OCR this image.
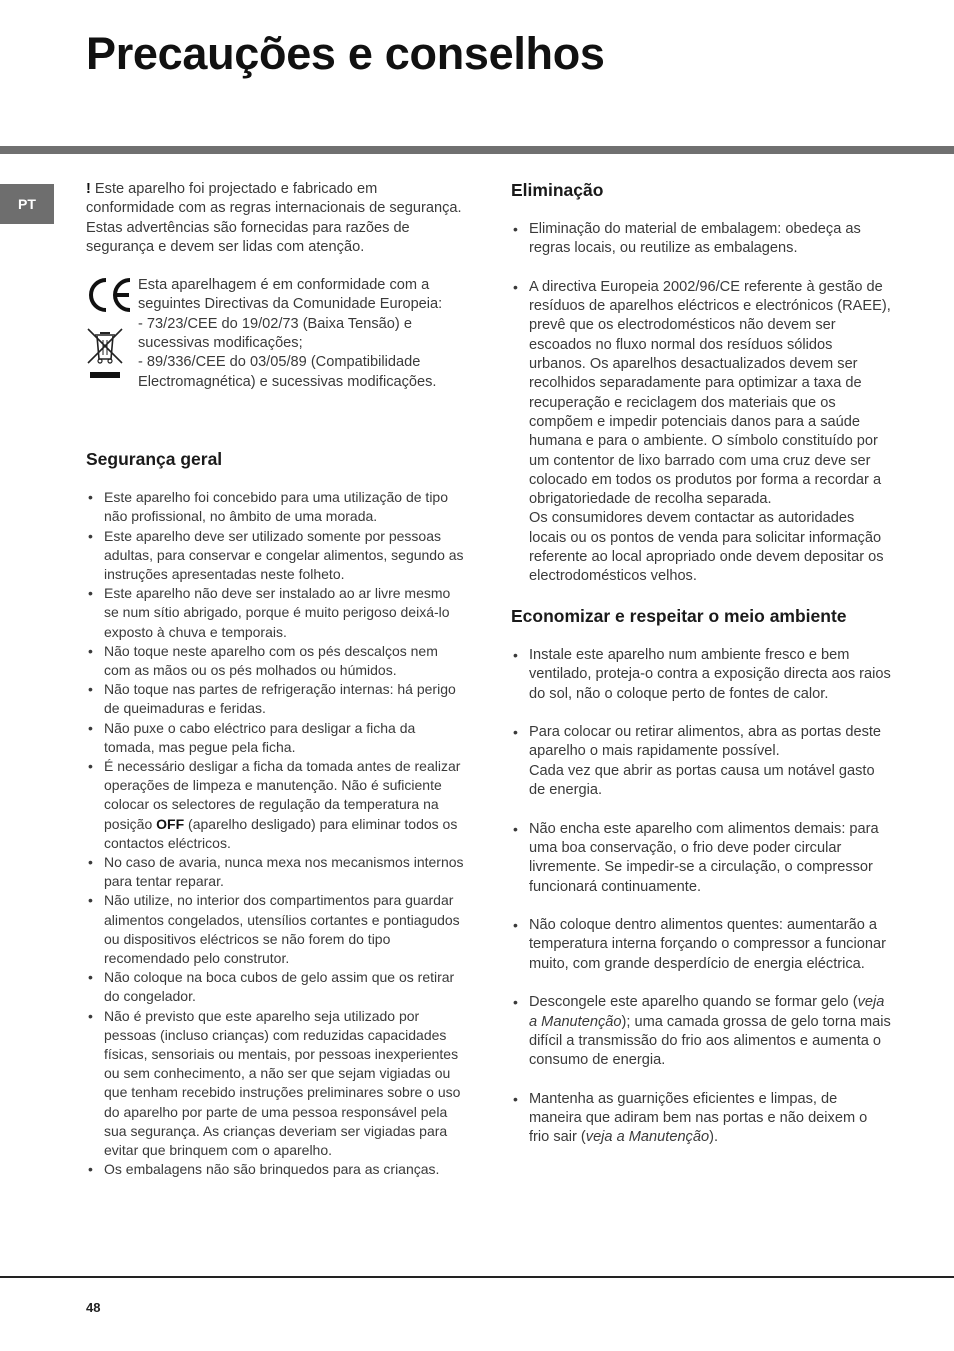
Precauções e conselhos
PT

! Este aparelho foi projectado e fabricado em conformidade com as regras internacionais de segurança. Estas advertências são fornecidas para razões de segurança e devem ser lidas com atenção.

Esta aparelhagem é em conformidade com a seguintes Directivas da Comunidade Europeia:

- 73/23/CEE do 19/02/73 (Baixa Tensão) e sucessivas modificações;

- 89/336/CEE do 03/05/89 (Compatibilidade Electromagnética) e sucessivas modificações.

Segurança geral
• Este aparelho foi concebido para uma utilização de tipo não profissional, no âmbito de uma morada.
• Este aparelho deve ser utilizado somente por pessoas adultas, para conservar e congelar alimentos, segundo as instruções apresentadas neste folheto.
• Este aparelho não deve ser instalado ao ar livre mesmo se num sítio abrigado, porque é muito perigoso deixá-lo exposto à chuva e temporais.
• Não toque neste aparelho com os pés descalços nem com as mãos ou os pés molhados ou húmidos.
• Não toque nas partes de refrigeração internas: há perigo de queimaduras e feridas.
• Não puxe o cabo eléctrico para desligar a ficha da tomada, mas pegue pela ficha.
• É necessário desligar a ficha da tomada antes de realizar operações de limpeza e manutenção. Não é suficiente colocar os selectores de regulação da temperatura na posição OFF (aparelho desligado) para eliminar todos os contactos eléctricos.
• No caso de avaria, nunca mexa nos mecanismos internos para tentar reparar.
• Não utilize, no interior dos compartimentos para guardar alimentos congelados, utensílios cortantes e pontiagudos ou dispositivos eléctricos se não forem do tipo recomendado pelo construtor.
• Não coloque na boca cubos de gelo assim que os retirar do congelador.
• Não é previsto que este aparelho seja utilizado por pessoas (incluso crianças) com reduzidas capacidades físicas, sensoriais ou mentais, por pessoas inexperientes ou sem conhecimento, a não ser que sejam vigiadas ou que tenham recebido instruções preliminares sobre o uso do aparelho por parte de uma pessoa responsável pela sua segurança. As crianças deveriam ser vigiadas para evitar que brinquem com o aparelho.
• Os embalagens não são brinquedos para as crianças.
Eliminação
• Eliminação do material de embalagem: obedeça as regras locais, ou reutilize as embalagens.
• A directiva Europeia 2002/96/CE referente à gestão de resíduos de aparelhos eléctricos e electrónicos (RAEE), prevê que os electrodomésticos não devem ser escoados no fluxo normal dos resíduos sólidos urbanos. Os aparelhos desactualizados devem ser recolhidos separadamente para optimizar a taxa de recuperação e reciclagem dos materiais que os compõem e impedir potenciais danos para a saúde humana e para o ambiente. O símbolo constituído por um contentor de lixo barrado com uma cruz deve ser colocado em todos os produtos por forma a recordar a obrigatoriedade de recolha separada.
Os consumidores devem contactar as autoridades locais ou os pontos de venda para solicitar informação referente ao local apropriado onde devem depositar os electrodomésticos velhos.
Economizar e respeitar o meio ambiente
• Instale este aparelho num ambiente fresco e bem ventilado, proteja-o contra a exposição directa aos raios do sol, não o coloque perto de fontes de calor.
• Para colocar ou retirar alimentos, abra as portas deste aparelho o mais rapidamente possível.
Cada vez que abrir as portas causa um notável gasto de energia.
• Não encha este aparelho com alimentos demais: para uma boa conservação, o frio deve poder circular livremente. Se impedir-se a circulação, o compressor funcionará continuamente.
• Não coloque dentro alimentos quentes: aumentarão a temperatura interna forçando o compressor a funcionar muito, com grande desperdício de energia eléctrica.
• Descongele este aparelho quando se formar gelo (veja a Manutenção); uma camada grossa de gelo torna mais difícil a transmissão do frio aos alimentos e aumenta o consumo de energia.
• Mantenha as guarnições eficientes e limpas, de maneira que adiram bem nas portas e não deixem o frio sair (veja a Manutenção).
48
